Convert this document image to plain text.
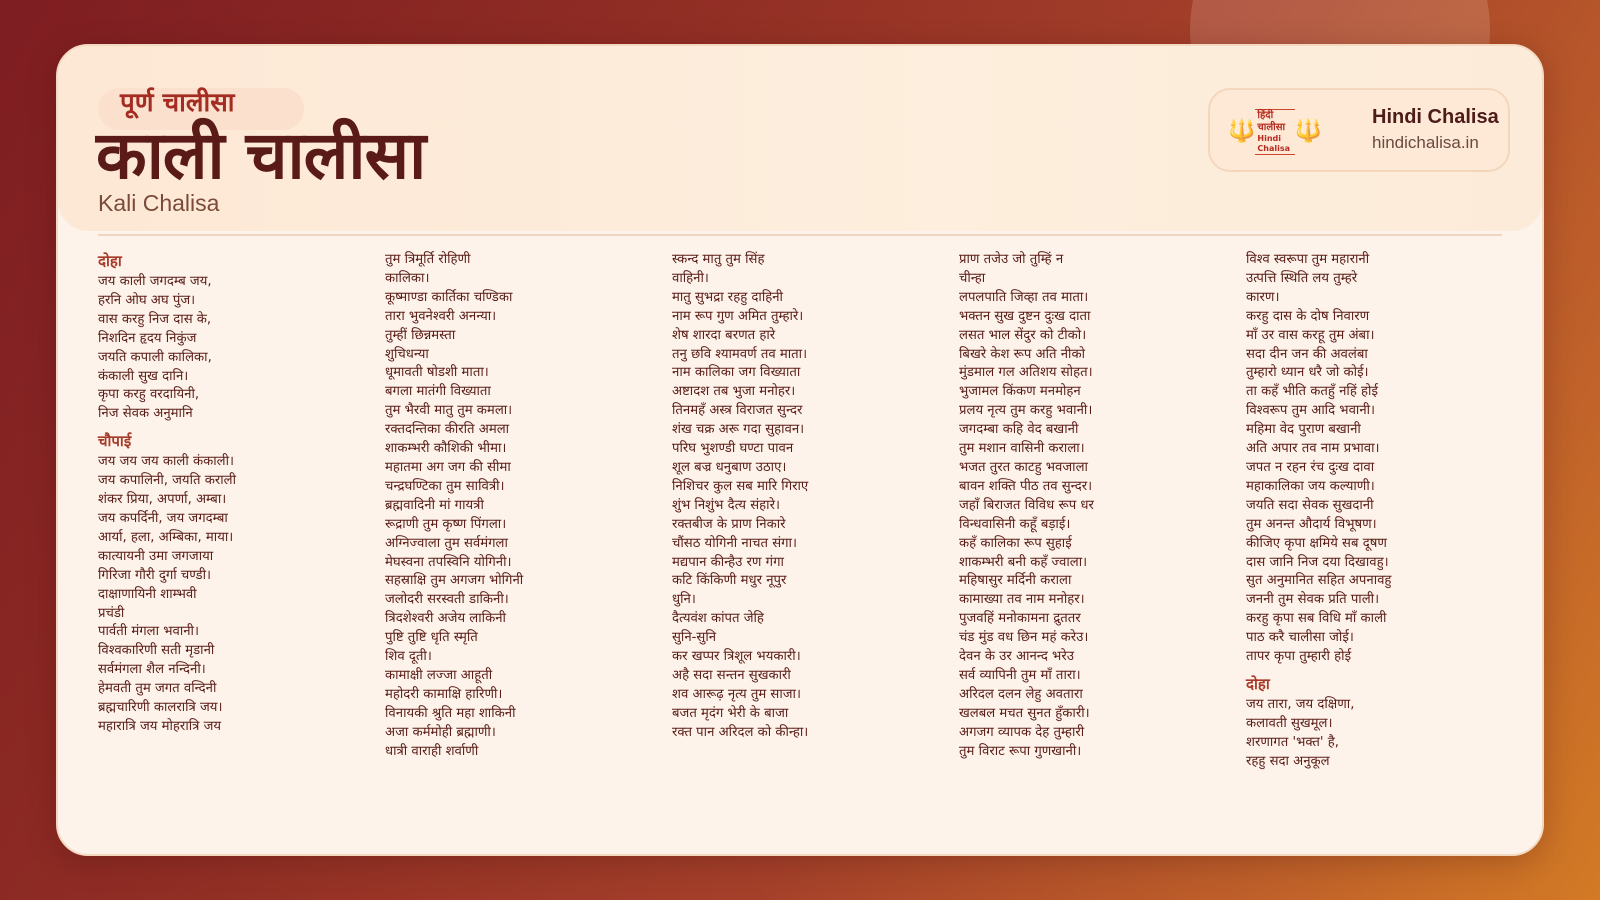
पूर्ण चालीसा
काली चालीसा
Kali Chalisa
🔱
हिंदी चालीसा
Hindi Chalisa
🔱
Hindi Chalisa
hindichalisa.in
दोहा
जय काली जगदम्ब जय,
हरनि ओघ अघ पुंज।
वास करहु निज दास के,
निशदिन हृदय निकुंज
जयति कपाली कालिका,
कंकाली सुख दानि।
कृपा करहु वरदायिनी,
निज सेवक अनुमानि
चौपाई
जय जय जय काली कंकाली।
जय कपालिनी, जयति कराली
शंकर प्रिया, अपर्णा, अम्बा।
जय कपर्दिनी, जय जगदम्बा
आर्या, हला, अम्बिका, माया।
कात्यायनी उमा जगजाया
गिरिजा गौरी दुर्गा चण्डी।
दाक्षाणायिनी शाम्भवी
प्रचंडी
पार्वती मंगला भवानी।
विश्वकारिणी सती मृडानी
सर्वमंगला शैल नन्दिनी।
हेमवती तुम जगत वन्दिनी
ब्रह्मचारिणी कालरात्रि जय।
महारात्रि जय मोहरात्रि जय
तुम त्रिमूर्ति रोहिणी
कालिका।
कूष्माण्डा कार्तिका चण्डिका
तारा भुवनेश्वरी अनन्या।
तुम्हीं छिन्नमस्ता
शुचिधन्या
धूमावती षोडशी माता।
बगला मातंगी विख्याता
तुम भैरवी मातु तुम कमला।
रक्तदन्तिका कीरति अमला
शाकम्भरी कौशिकी भीमा।
महातमा अग जग की सीमा
चन्द्रघण्टिका तुम सावित्री।
ब्रह्मवादिनी मां गायत्री
रूद्राणी तुम कृष्ण पिंगला।
अग्निज्वाला तुम सर्वमंगला
मेघस्वना तपस्विनि योगिनी।
सहस्राक्षि तुम अगजग भोगिनी
जलोदरी सरस्वती डाकिनी।
त्रिदशेश्वरी अजेय लाकिनी
पुष्टि तुष्टि धृति स्मृति
शिव दूती।
कामाक्षी लज्जा आहूती
महोदरी कामाक्षि हारिणी।
विनायकी श्रुति महा शाकिनी
अजा कर्ममोही ब्रह्माणी।
धात्री वाराही शर्वाणी
स्कन्द मातु तुम सिंह
वाहिनी।
मातु सुभद्रा रहहु दाहिनी
नाम रूप गुण अमित तुम्हारे।
शेष शारदा बरणत हारे
तनु छवि श्यामवर्ण तव माता।
नाम कालिका जग विख्याता
अष्टादश तब भुजा मनोहर।
तिनमहँ अस्त्र विराजत सुन्दर
शंख चक्र अरू गदा सुहावन।
परिघ भुशण्डी घण्टा पावन
शूल बज्र धनुबाण उठाए।
निशिचर कुल सब मारि गिराए
शुंभ निशुंभ दैत्य संहारे।
रक्तबीज के प्राण निकारे
चौंसठ योगिनी नाचत संगा।
मद्यपान कीन्हैउ रण गंगा
कटि किंकिणी मधुर नूपुर
धुनि।
दैत्यवंश कांपत जेहि
सुनि-सुनि
कर खप्पर त्रिशूल भयकारी।
अहै सदा सन्तन सुखकारी
शव आरूढ़ नृत्य तुम साजा।
बजत मृदंग भेरी के बाजा
रक्त पान अरिदल को कीन्हा।
प्राण तजेउ जो तुम्हिं न
चीन्हा
लपलपाति जिव्हा तव माता।
भक्तन सुख दुष्टन दुःख दाता
लसत भाल सेंदुर को टीको।
बिखरे केश रूप अति नीको
मुंडमाल गल अतिशय सोहत।
भुजामल किंकण मनमोहन
प्रलय नृत्य तुम करहु भवानी।
जगदम्बा कहि वेद बखानी
तुम मशान वासिनी कराला।
भजत तुरत काटहु भवजाला
बावन शक्ति पीठ तव सुन्दर।
जहाँ बिराजत विविध रूप धर
विन्धवासिनी कहूँ बड़ाई।
कहँ कालिका रूप सुहाई
शाकम्भरी बनी कहँ ज्वाला।
महिषासुर मर्दिनी कराला
कामाख्या तव नाम मनोहर।
पुजवहिं मनोकामना द्रुततर
चंड मुंड वध छिन महं करेउ।
देवन के उर आनन्द भरेउ
सर्व व्यापिनी तुम माँ तारा।
अरिदल दलन लेहु अवतारा
खलबल मचत सुनत हुँकारी।
अगजग व्यापक देह तुम्हारी
तुम विराट रूपा गुणखानी।
विश्व स्वरूपा तुम महारानी
उत्पत्ति स्थिति लय तुम्हरे
कारण।
करहु दास के दोष निवारण
माँ उर वास करहू तुम अंबा।
सदा दीन जन की अवलंबा
तुम्हारो ध्यान धरै जो कोई।
ता कहँ भीति कतहुँ नहिं होई
विश्वरूप तुम आदि भवानी।
महिमा वेद पुराण बखानी
अति अपार तव नाम प्रभावा।
जपत न रहन रंच दुःख दावा
महाकालिका जय कल्याणी।
जयति सदा सेवक सुखदानी
तुम अनन्त औदार्य विभूषण।
कीजिए कृपा क्षमिये सब दूषण
दास जानि निज दया दिखावहु।
सुत अनुमानित सहित अपनावहु
जननी तुम सेवक प्रति पाली।
करहु कृपा सब विधि माँ काली
पाठ करै चालीसा जोई।
तापर कृपा तुम्हारी होई
दोहा
जय तारा, जय दक्षिणा,
कलावती सुखमूल।
शरणागत 'भक्त' है,
रहहु सदा अनुकूल
